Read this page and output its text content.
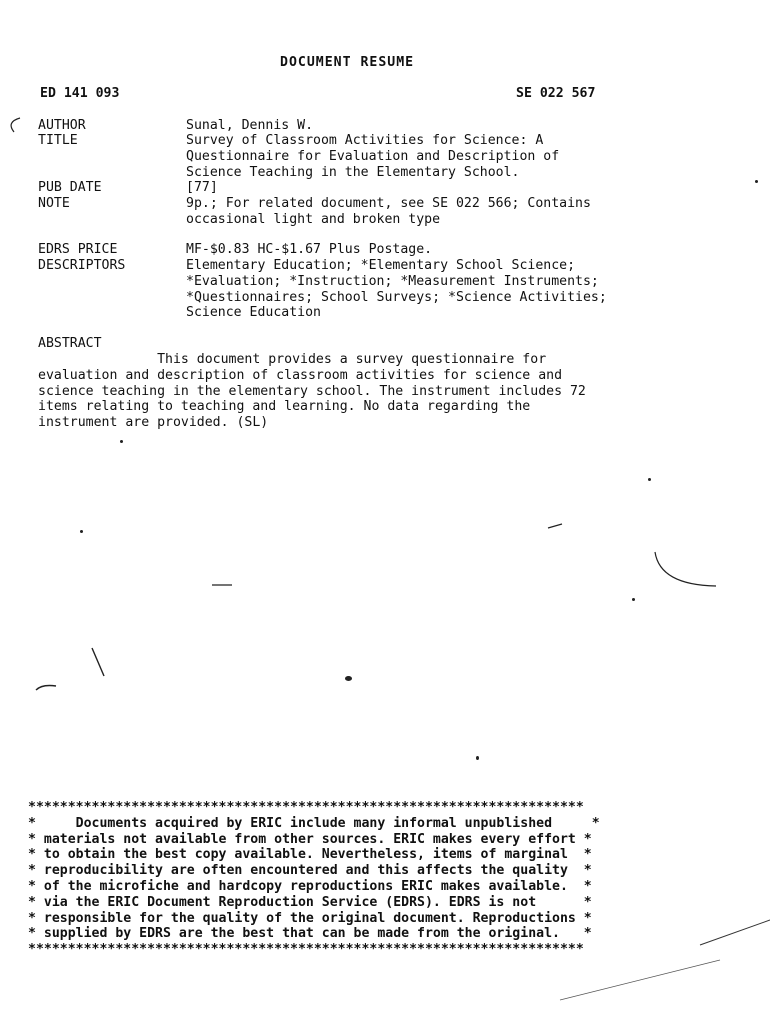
DOCUMENT RESUME
ED 141 093	SE 022 567
AUTHOR	Sunal, Dennis W.
TITLE	Survey of Classroom Activities for Science: A
Questionnaire for Evaluation and Description of
Science Teaching in the Elementary School.
PUB DATE	[77]
NOTE	9p.; For related document, see SE 022 566; Contains
occasional light and broken type
EDRS PRICE	MF-$0.83 HC-$1.67 Plus Postage.
DESCRIPTORS	Elementary Education; *Elementary School Science;
*Evaluation; *Instruction; *Measurement Instruments;
*Questionnaires; School Surveys; *Science Activities;
Science Education
ABSTRACT
This document provides a survey questionnaire for
evaluation and description of classroom activities for science and
science teaching in the elementary school. The instrument includes 72
items relating to teaching and learning. No data regarding the
instrument are provided. (SL)
**********************************************************************
*     Documents acquired by ERIC include many informal unpublished     *
* materials not available from other sources. ERIC makes every effort *
* to obtain the best copy available. Nevertheless, items of marginal  *
* reproducibility are often encountered and this affects the quality  *
* of the microfiche and hardcopy reproductions ERIC makes available.  *
* via the ERIC Document Reproduction Service (EDRS). EDRS is not      *
* responsible for the quality of the original document. Reproductions *
* supplied by EDRS are the best that can be made from the original.   *
**********************************************************************
